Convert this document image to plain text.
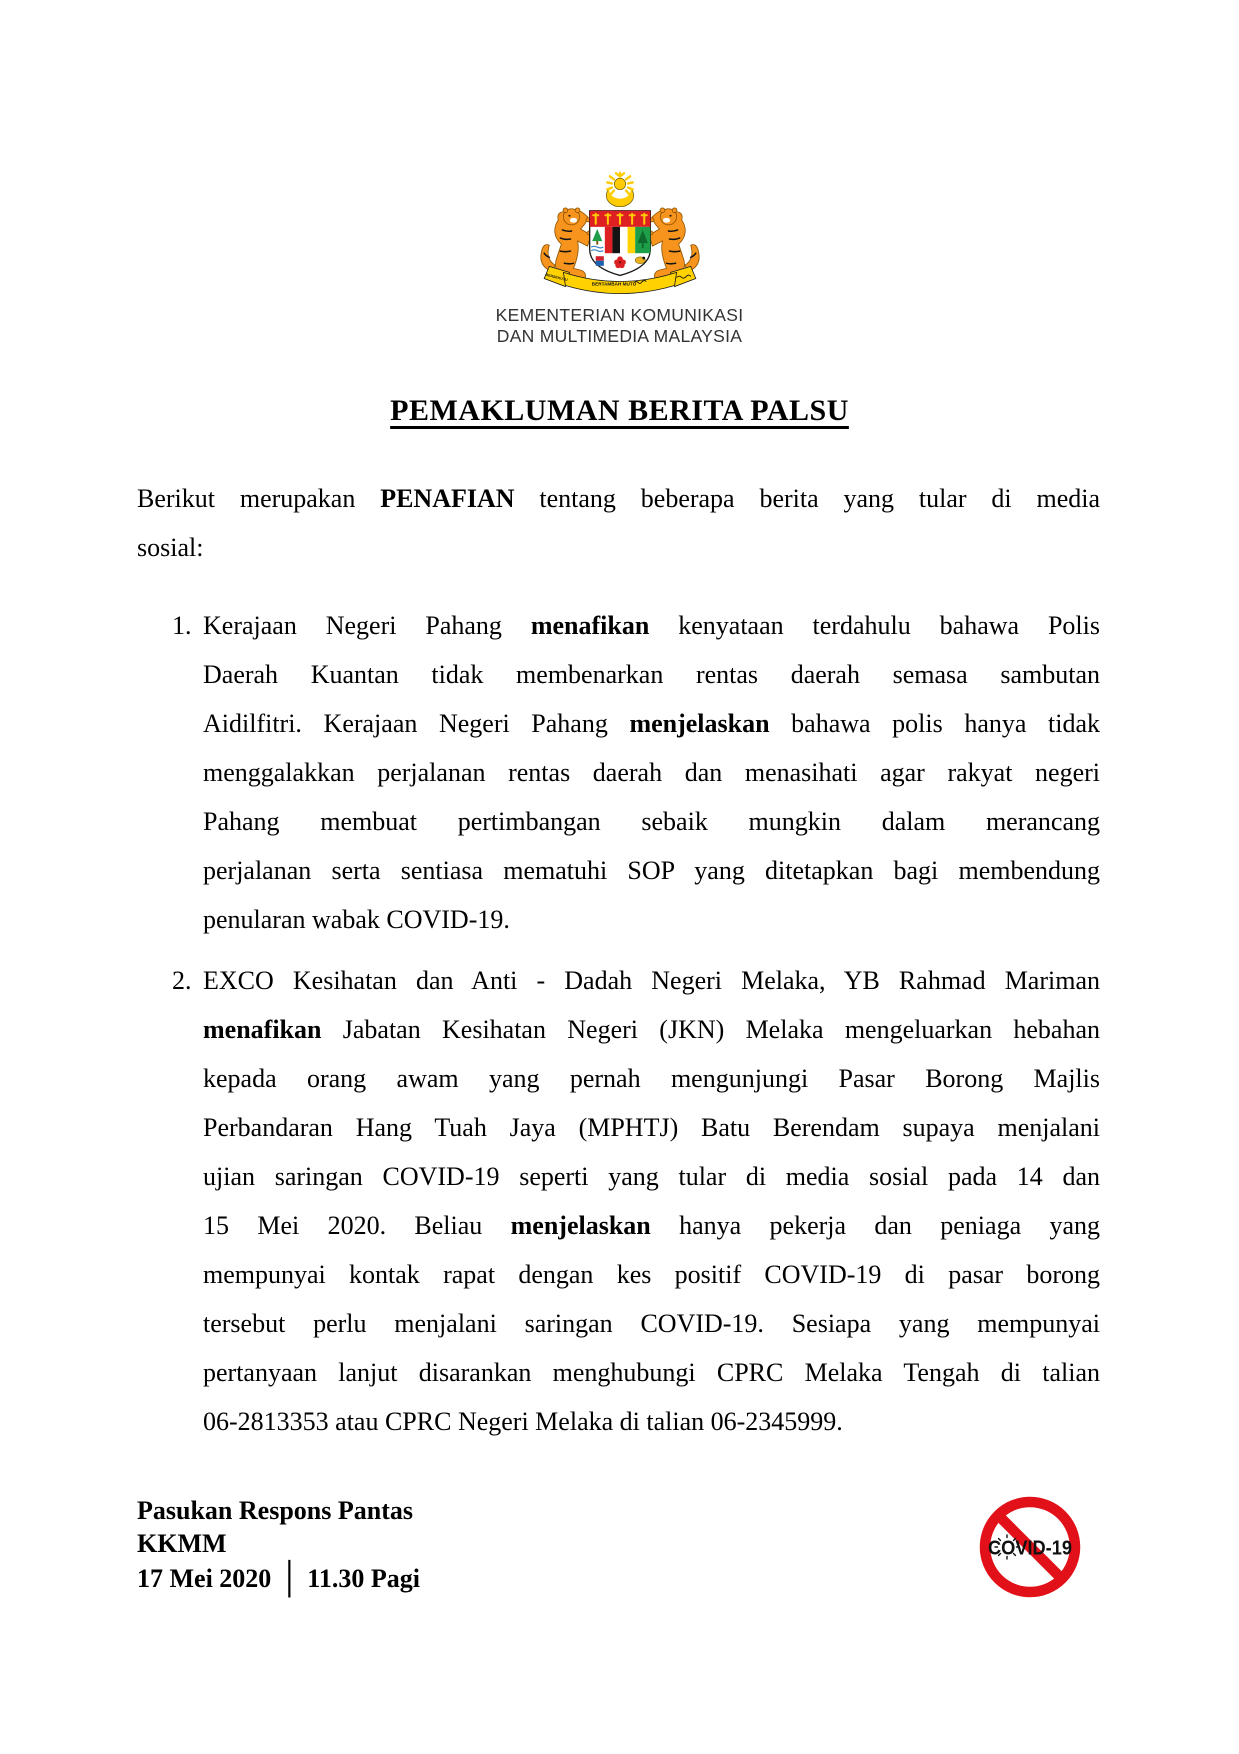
BERSEKUTU
BERTAMBAH MUTU
KEMENTERIAN KOMUNIKASI
DAN MULTIMEDIA MALAYSIA
PEMAKLUMAN BERITA PALSU
Berikut merupakan PENAFIAN tentang beberapa berita yang tular di media
sosial:
1. Kerajaan Negeri Pahang menafikan kenyataan terdahulu bahawa Polis
Daerah Kuantan tidak membenarkan rentas daerah semasa sambutan
Aidilfitri. Kerajaan Negeri Pahang menjelaskan bahawa polis hanya tidak
menggalakkan perjalanan rentas daerah dan menasihati agar rakyat negeri
Pahang membuat pertimbangan sebaik mungkin dalam merancang
perjalanan serta sentiasa mematuhi SOP yang ditetapkan bagi membendung
penularan wabak COVID-19.
2. EXCO Kesihatan dan Anti - Dadah Negeri Melaka, YB Rahmad Mariman
menafikan Jabatan Kesihatan Negeri (JKN) Melaka mengeluarkan hebahan
kepada orang awam yang pernah mengunjungi Pasar Borong Majlis
Perbandaran Hang Tuah Jaya (MPHTJ) Batu Berendam supaya menjalani
ujian saringan COVID-19 seperti yang tular di media sosial pada 14 dan
15 Mei 2020. Beliau menjelaskan hanya pekerja dan peniaga yang
mempunyai kontak rapat dengan kes positif COVID-19 di pasar borong
tersebut perlu menjalani saringan COVID-19. Sesiapa yang mempunyai
pertanyaan lanjut disarankan menghubungi CPRC Melaka Tengah di talian
06-2813353 atau CPRC Negeri Melaka di talian 06-2345999.
Pasukan Respons Pantas
KKMM
17 Mei 2020 │ 11.30 Pagi
COVID-19
